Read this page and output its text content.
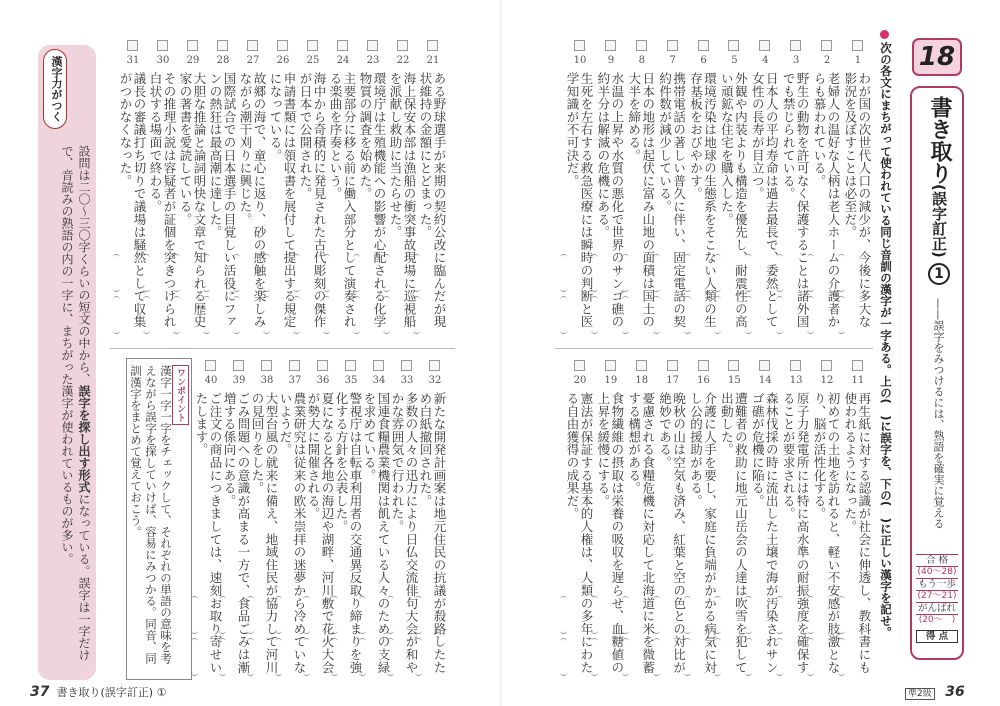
漢字力がつく
設問は二〇〜三〇字くらいの短文の中から、誤字を探し出す形式になっている。誤字は一字だけで、音読みの熟語の内の一字に、まちがった漢字が使われているものが多い。
21
ある野球選手が来期の契約公改に臨んだが現状維持の金額にとどまった。
22
海上保安本部は漁船の衝突事故現場に巡視船を派献し救助に当たらせた。
23
環境庁は生殖機能への影響が心配される化学物質の調査を始めた。
24
主要部分に移る前に働入部分として演奏される楽曲を序奏という。
25
海中から奇積的に発見された古代彫刻の傑作が日本で公開された。
26
申請書類には領収書を展付して提出する規定になっている。
27
故郷の海で、童心に返り、砂の感触を楽しみながら潮干刈りに興じた。
28
国際試合での日本選手の目覚しい活役にファンの熱狂は最高潮に達した。
29
大胆な推論と論詞明快な文章で知られる歴史家の著書を愛読している。
30
その推理小説は容疑者が証個を突きつけられ白状する場面で終わる。
31
議長の審議打ち切りで議場は騒然として収集がつかなくなった。
32
新たな開発計画案は地元住民の抗議が殺路したため白紙撤回された。
33
多数の人々の迅力により日仏交流俳句大会が和やかな雰囲気で行われた。
34
国連食糧農業機関は飢えている人々のための支緑を求めている。
35
警視庁は自転車利用者の交通異反取り締まりを強化する方針を公表した。
36
夏になると各地の海辺や湖畔、河川敷で花火大会が勢大に開催される。
37
農業研究は従来の欧米崇拝の迷夢から冷めていないようだ。
38
大型台風の就来に備え、地域住民が協力して河川の見回りをした。
39
ごみ問題への意識が高まる一方で、食品ごみは漸増する係向にある。
40
ご注文の商品につきましては、速刻お取り寄せいたします。
ワンポイント
漢字一字一字をチェックして、それぞれの単語の意味を考えながら誤字を探していけば、容易にみつかる。同音、同訓漢字をまとめて覚えておこう。
37 書き取り(誤字訂正) ①
1
わが国の次世代人口の減少が、今後に多大な影況を及ぼすことは必至だ。
2
老婦人の温好な人柄は老人ホームの介護者からも慕われている。
3
野生の動物を許可なく保護することは諸外国でも禁じられている。
4
日本人の平均寿命は過去最長で、委然として女性の長寿が目立つ。
5
外観や内装よりも構造を優先し、耐震性の高い頑鉱な住宅を購入した。
6
環境汚染は地球の生態系をそこない人類の生存基板をおびやかす。
7
携帯電話の著しい普久に伴い、固定電話の契約件数が減少している。
8
日本の地形は起伏に富み山地の面積は国土の大半を締める。
9
水温の上昇や水質の悪化で世界のサンゴ礁の約半分は解滅の危機にある。
10
生死を左右する救急医療には瞬時の判断と医学知識が不可決だ。
11
再生紙に対する認識が社会に伸透し、教科書にも使われるようになった。
12
初めての土地を訪れると、軽い不安感が肢激となり、脳が活性化する。
13
原子力発電所には特に高水準の耐振強度を確保することが要求される。
14
森林伐採の時に流出した土壌で海が汚染されサンゴ礁が危機に陥る。
15
遭難者の救助に地元山岳会の人達は吹雪を犯して出動した。
16
介護に人手を要し、家庭に負端がかかる病気に対し公的援助がある。
17
晩秋の山は空気も済み、紅葉と空の色との対比が絶妙である。
18
憂慮される食糧危機に対応して北海道に米を微蓄する構想がある。
19
食物繊維の摂取は栄養の吸収を遅らせ、血糖値の上昇を緩慢にする。
20
憲法が保証する基本的人権は、人類の多年にわたる自由獲得の成果だ。	次の各文にまちがって使われている同じ音訓の漢字が一字ある。上の(　)に誤字を、下の(　)に正しい漢字を記せ。 18
書き取り(誤字訂正)1
——誤字をみつけるには、熟語を確実に覚える
合 格
(40〜28)
もう一歩
(27〜21)
がんばれ
(20〜　)
得 点
準2級 36
